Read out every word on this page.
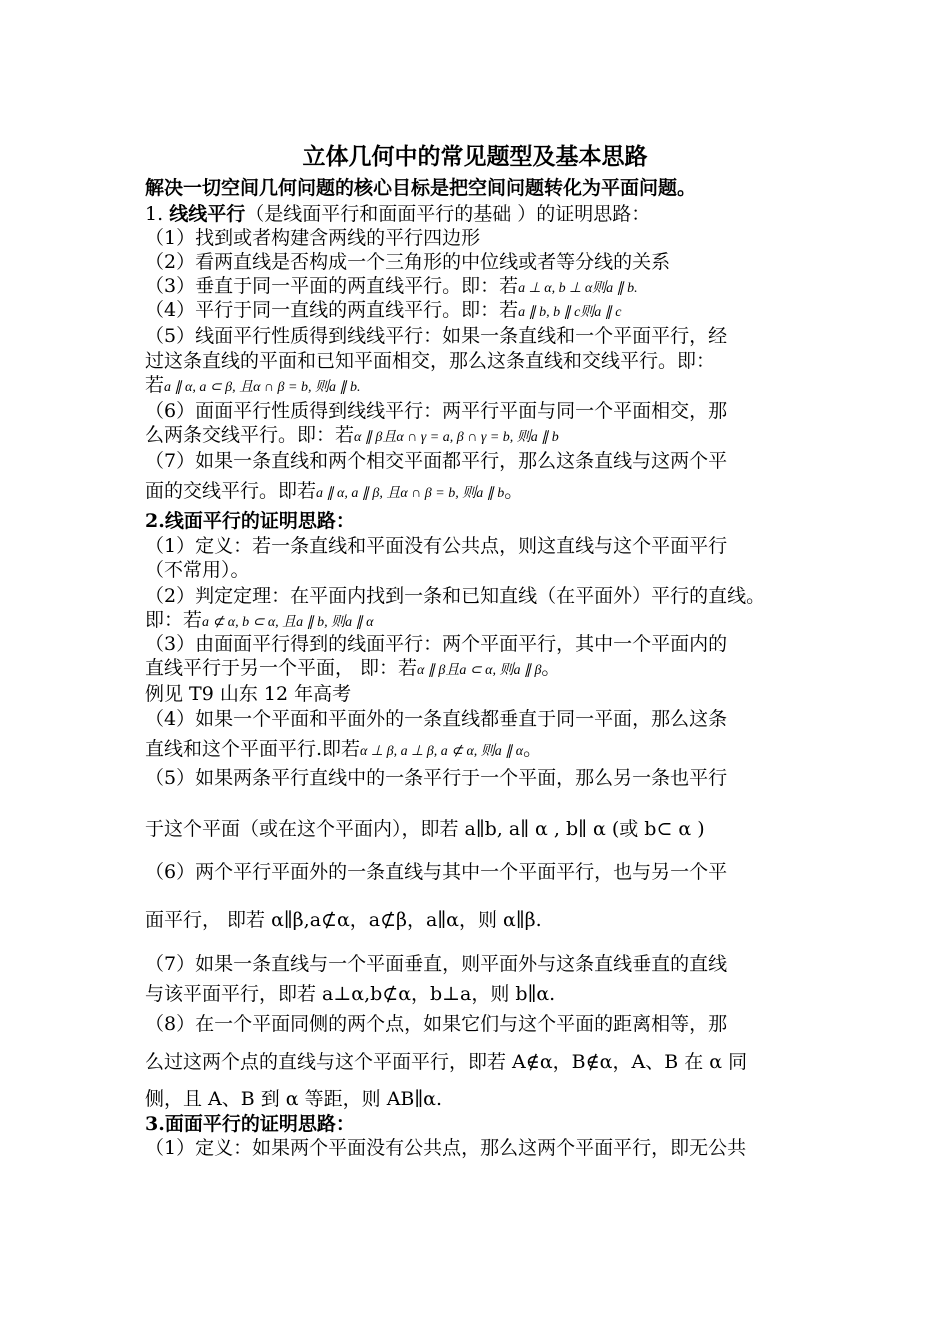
立体几何中的常见题型及基本思路
解决一切空间几何问题的核心目标是把空间问题转化为平面问题。
1. 线线平行（是线面平行和面面平行的基础 ）的证明思路：
（1）找到或者构建含两线的平行四边形
（2）看两直线是否构成一个三角形的中位线或者等分线的关系
（3）垂直于同一平面的两直线平行。即：若a ⊥ α, b ⊥ α则a ∥ b.
（4）平行于同一直线的两直线平行。即：若a ∥ b, b ∥ c则a ∥ c
（5）线面平行性质得到线线平行：如果一条直线和一个平面平行，经
过这条直线的平面和已知平面相交，那么这条直线和交线平行。即：
若a ∥ α, a ⊂ β, 且α ∩ β = b, 则a ∥ b.
（6）面面平行性质得到线线平行：两平行平面与同一个平面相交，那
么两条交线平行。即：若α ∥ β且α ∩ γ = a, β ∩ γ = b, 则a ∥ b
（7）如果一条直线和两个相交平面都平行，那么这条直线与这两个平
面的交线平行。即若a ∥ α, a ∥ β, 且α ∩ β = b, 则a ∥ b。
2.线面平行的证明思路：
（1）定义：若一条直线和平面没有公共点，则这直线与这个平面平行
（不常用）。
（2）判定定理：在平面内找到一条和已知直线（在平面外）平行的直线。
即：若a ⊄ α, b ⊂ α, 且a ∥ b, 则a ∥ α
（3）由面面平行得到的线面平行：两个平面平行，其中一个平面内的
直线平行于另一个平面， 即：若α ∥ β且a ⊂ α, 则a ∥ β。
例见 T9 山东 12 年高考
（4）如果一个平面和平面外的一条直线都垂直于同一平面，那么这条
直线和这个平面平行.即若α ⊥ β, a ⊥ β, a ⊄ α, 则a ∥ α。
（5）如果两条平行直线中的一条平行于一个平面，那么另一条也平行
于这个平面（或在这个平面内），即若 a∥b, a∥ α , b∥ α (或 b⊂ α )
（6）两个平行平面外的一条直线与其中一个平面平行，也与另一个平
面平行， 即若 α∥β,a⊄α，a⊄β，a∥α，则 α∥β.
（7）如果一条直线与一个平面垂直，则平面外与这条直线垂直的直线
与该平面平行，即若 a⊥α,b⊄α，b⊥a，则 b∥α.
（8）在一个平面同侧的两个点，如果它们与这个平面的距离相等，那
么过这两个点的直线与这个平面平行，即若 A∉α，B∉α，A、B 在 α 同
侧，且 A、B 到 α 等距，则 AB∥α.
3.面面平行的证明思路：
（1）定义：如果两个平面没有公共点，那么这两个平面平行，即无公共
